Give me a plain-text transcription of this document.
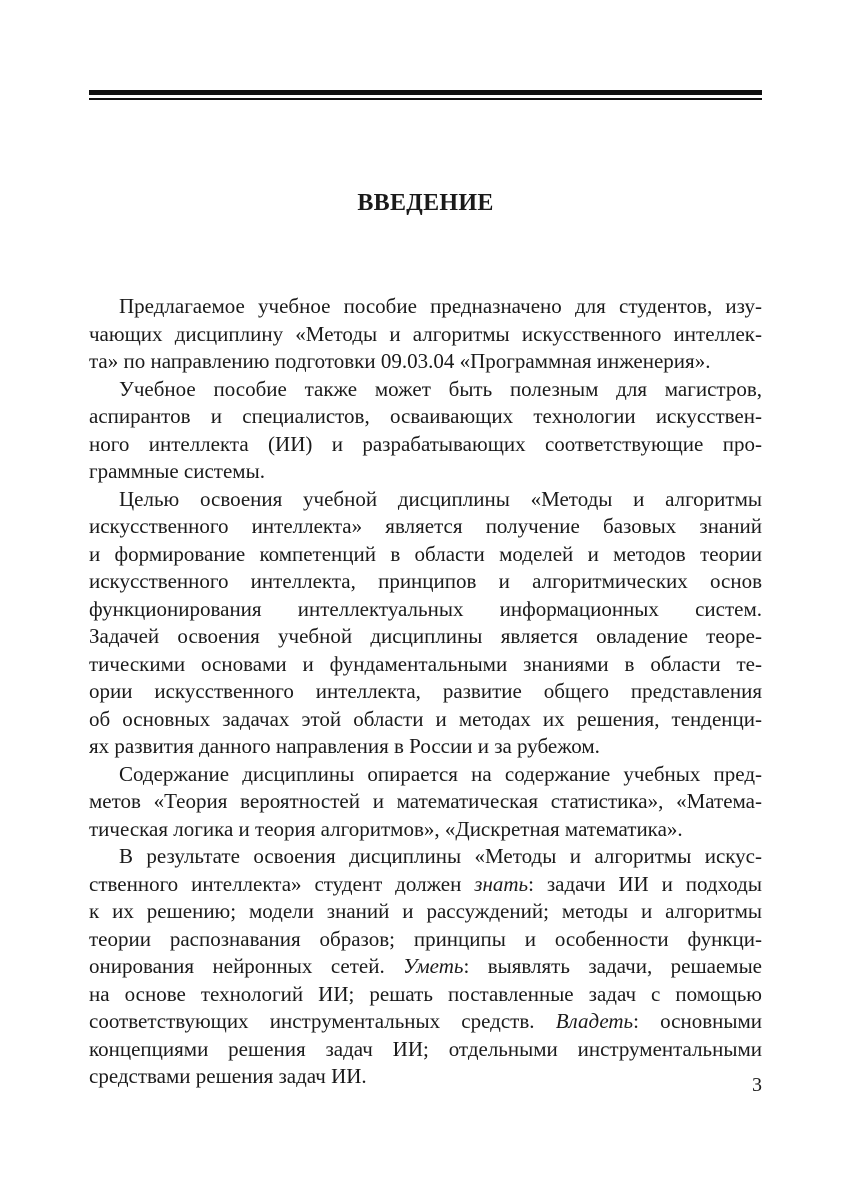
ВВЕДЕНИЕ

Предлагаемое учебное пособие предназначено для студентов, изу-
чающих дисциплину «Методы и алгоритмы искусственного интеллек-
та» по направлению подготовки 09.03.04 «Программная инженерия».

Учебное пособие также может быть полезным для магистров,
аспирантов и специалистов, осваивающих технологии искусствен-
ного интеллекта (ИИ) и разрабатывающих соответствующие про-
граммные системы.

Целью освоения учебной дисциплины «Методы и алгоритмы
искусственного интеллекта» является получение базовых знаний
и формирование компетенций в области моделей и методов теории
искусственного интеллекта, принципов и алгоритмических основ
функционирования интеллектуальных информационных систем.
Задачей освоения учебной дисциплины является овладение теоре-
тическими основами и фундаментальными знаниями в области те-
ории искусственного интеллекта, развитие общего представления
об основных задачах этой области и методах их решения, тенденци-
ях развития данного направления в России и за рубежом.

Содержание дисциплины опирается на содержание учебных пред-
метов «Теория вероятностей и математическая статистика», «Матема-
тическая логика и теория алгоритмов», «Дискретная математика».

В результате освоения дисциплины «Методы и алгоритмы искус-
ственного интеллекта» студент должен знать: задачи ИИ и подходы
к их решению; модели знаний и рассуждений; методы и алгоритмы
теории распознавания образов; принципы и особенности функци-
онирования нейронных сетей. Уметь: выявлять задачи, решаемые
на основе технологий ИИ; решать поставленные задач с помощью
соответствующих инструментальных средств. Владеть: основными
концепциями решения задач ИИ; отдельными инструментальными
средствами решения задач ИИ.	3
